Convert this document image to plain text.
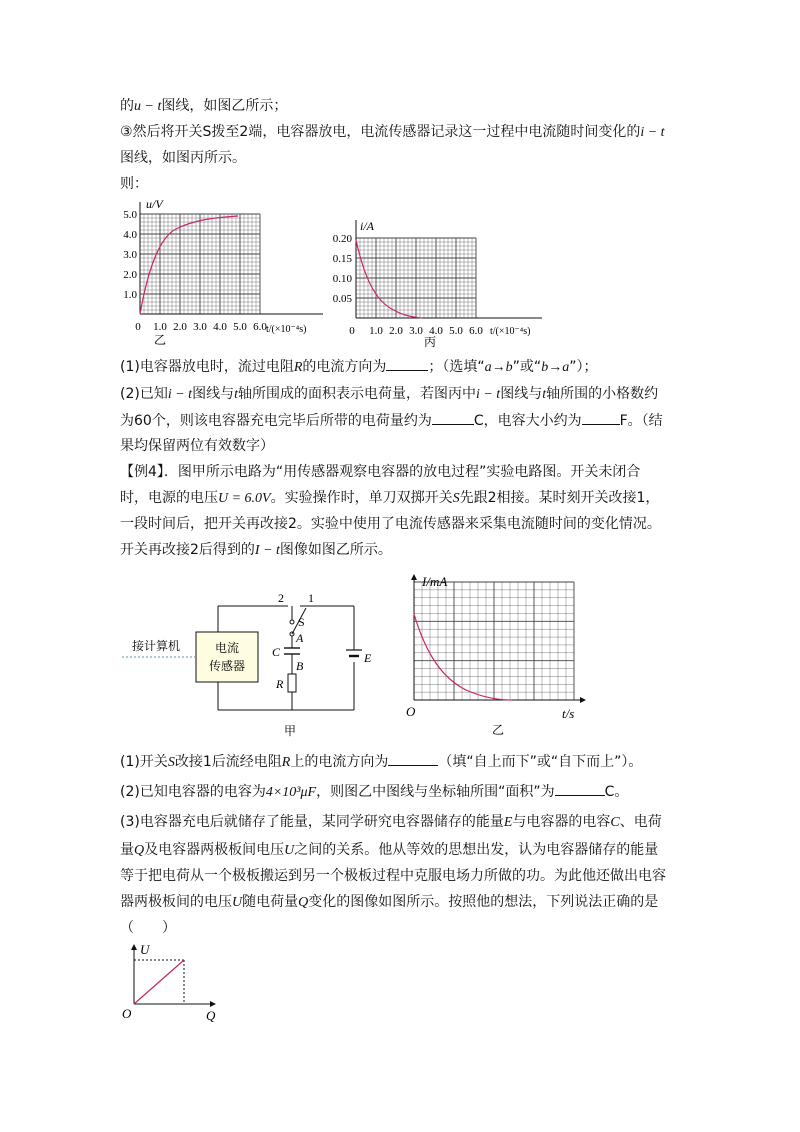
的u − t图线，如图乙所示；
③然后将开关S拨至2端，电容器放电，电流传感器记录这一过程中电流随时间变化的i − t
图线，如图丙所示。
则：
u/V
5.0
4.0
3.0
2.0
1.0
0 1.0 2.0 3.0 4.0 5.0 6.0 t/(×10⁻⁴s)
乙
i/A
0.20
0.15
0.10
0.05
0 1.0 2.0 3.0 4.0 5.0 6.0 t/(×10⁻⁴s)
丙
(1)电容器放电时，流过电阻R的电流方向为	；（选填“a→b”或“b→a”）；
(2)已知i − t图线与t轴所围成的面积表示电荷量，若图丙中i − t图线与t轴所围的小格数约
为60个，则该电容器充电完毕后所带的电荷量约为	C，电容大小约为	F。（结
果均保留两位有效数字）
【例4】．图甲所示电路为“用传感器观察电容器的放电过程”实验电路图。开关未闭合
时，电源的电压U = 6.0V。实验操作时，单刀双掷开关S先跟2相接。某时刻开关改接1，
一段时间后，把开关再改接2。实验中使用了电流传感器来采集电流随时间的变化情况。
开关再改接2后得到的I − t图像如图乙所示。
电流
传感器
接计算机
2 1
S
A
C
B
R
E
甲
I/mA
O	t/s
乙
(1)开关S改接1后流经电阻R上的电流方向为	（填“自上而下”或“自下而上”）。
(2)已知电容器的电容为4×10³μF，则图乙中图线与坐标轴所围“面积”为	C。
(3)电容器充电后就储存了能量，某同学研究电容器储存的能量E与电容器的电容C、电荷
量Q及电容器两极板间电压U之间的关系。他从等效的思想出发，认为电容器储存的能量
等于把电荷从一个极板搬运到另一个极板过程中克服电场力所做的功。为此他还做出电容
器两极板间的电压U随电荷量Q变化的图像如图所示。按照他的想法，下列说法正确的是
（　　）
U
O	Q
